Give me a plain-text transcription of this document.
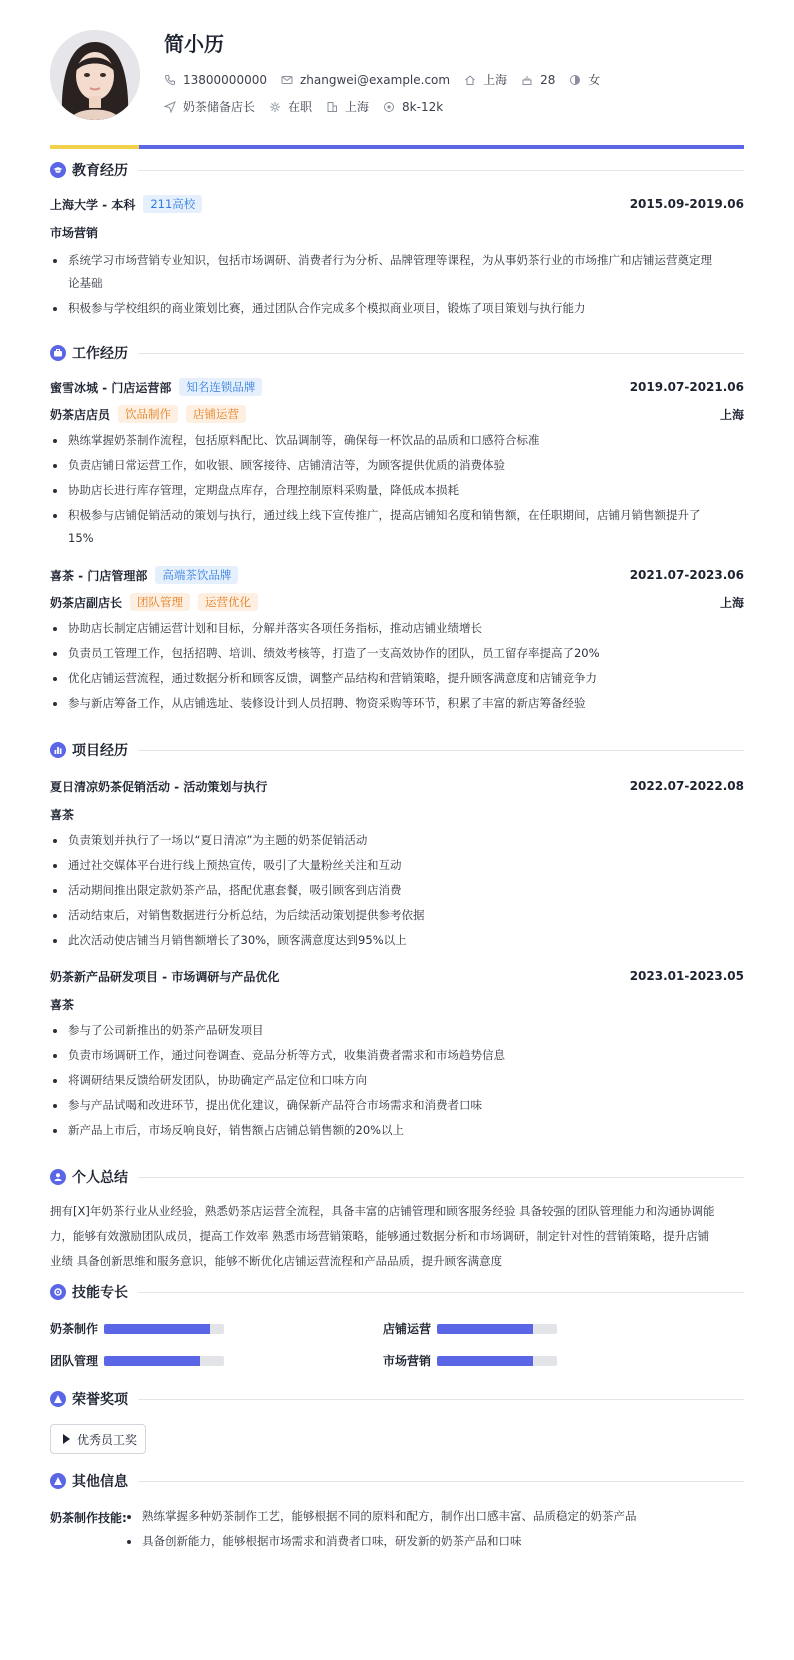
简小历
13800000000	zhangwei@example.com	上海	28	女
奶茶储备店长	在职	上海	8k-12k
教育经历
上海大学 - 本科	211高校	2015.09-2019.06
市场营销
系统学习市场营销专业知识，包括市场调研、消费者行为分析、品牌管理等课程，为从事奶茶行业的市场推广和店铺运营奠定理
论基础
积极参与学校组织的商业策划比赛，通过团队合作完成多个模拟商业项目，锻炼了项目策划与执行能力
工作经历
蜜雪冰城 - 门店运营部	知名连锁品牌	2019.07-2021.06
奶茶店店员	饮品制作	店铺运营	上海
熟练掌握奶茶制作流程，包括原料配比、饮品调制等，确保每一杯饮品的品质和口感符合标准
负责店铺日常运营工作，如收银、顾客接待、店铺清洁等，为顾客提供优质的消费体验
协助店长进行库存管理，定期盘点库存，合理控制原料采购量，降低成本损耗
积极参与店铺促销活动的策划与执行，通过线上线下宣传推广，提高店铺知名度和销售额，在任职期间，店铺月销售额提升了
15%
喜茶 - 门店管理部	高端茶饮品牌	2021.07-2023.06
奶茶店副店长	团队管理	运营优化	上海
协助店长制定店铺运营计划和目标，分解并落实各项任务指标，推动店铺业绩增长
负责员工管理工作，包括招聘、培训、绩效考核等，打造了一支高效协作的团队，员工留存率提高了20%
优化店铺运营流程，通过数据分析和顾客反馈，调整产品结构和营销策略，提升顾客满意度和店铺竞争力
参与新店筹备工作，从店铺选址、装修设计到人员招聘、物资采购等环节，积累了丰富的新店筹备经验
项目经历
夏日清凉奶茶促销活动 - 活动策划与执行	2022.07-2022.08
喜茶
负责策划并执行了一场以“夏日清凉”为主题的奶茶促销活动
通过社交媒体平台进行线上预热宣传，吸引了大量粉丝关注和互动
活动期间推出限定款奶茶产品，搭配优惠套餐，吸引顾客到店消费
活动结束后，对销售数据进行分析总结，为后续活动策划提供参考依据
此次活动使店铺当月销售额增长了30%，顾客满意度达到95%以上
奶茶新产品研发项目 - 市场调研与产品优化	2023.01-2023.05
喜茶
参与了公司新推出的奶茶产品研发项目
负责市场调研工作，通过问卷调查、竞品分析等方式，收集消费者需求和市场趋势信息
将调研结果反馈给研发团队，协助确定产品定位和口味方向
参与产品试喝和改进环节，提出优化建议，确保新产品符合市场需求和消费者口味
新产品上市后，市场反响良好，销售额占店铺总销售额的20%以上
个人总结
拥有[X]年奶茶行业从业经验，熟悉奶茶店运营全流程，具备丰富的店铺管理和顾客服务经验 具备较强的团队管理能力和沟通协调能
力，能够有效激励团队成员，提高工作效率 熟悉市场营销策略，能够通过数据分析和市场调研，制定针对性的营销策略，提升店铺
业绩 具备创新思维和服务意识，能够不断优化店铺运营流程和产品品质，提升顾客满意度
技能专长
奶茶制作	店铺运营
团队管理	市场营销
荣誉奖项
优秀员工奖
其他信息
奶茶制作技能:	熟练掌握多种奶茶制作工艺，能够根据不同的原料和配方，制作出口感丰富、品质稳定的奶茶产品
具备创新能力，能够根据市场需求和消费者口味，研发新的奶茶产品和口味
